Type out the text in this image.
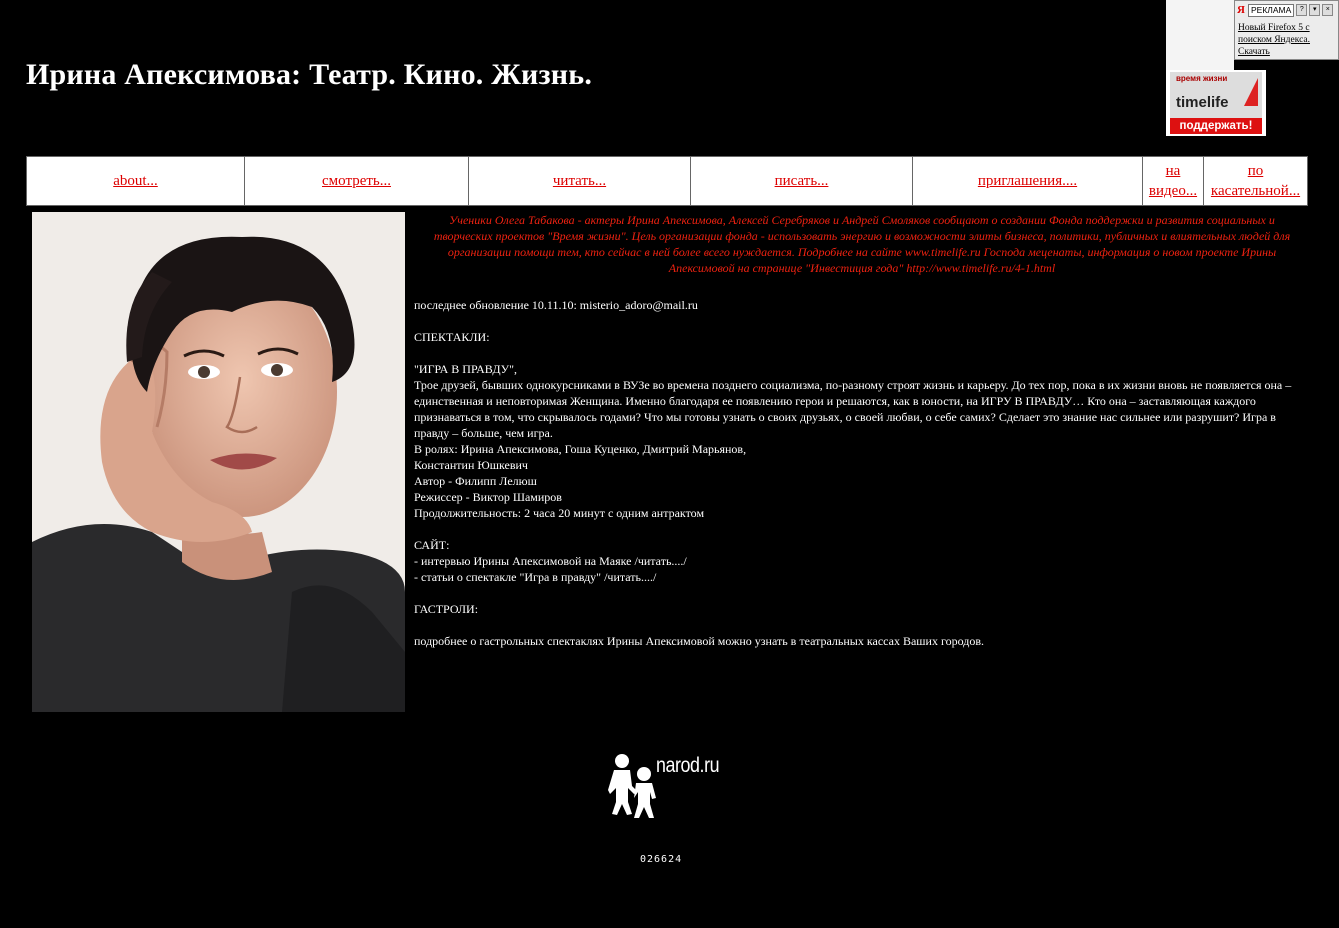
Ирина Апексимова: Театр. Кино. Жизнь.
Я РЕКЛАМА	?	▾	×
Новый Firefox 5 с
поиском Яндекса.
Скачать
время жизни
timelife
поддержать!
about...	смотреть...	читать...	писать...	приглашения....
на видео...
по касательной...

Ученики Олега Табакова - актеры Ирина Апексимова, Алексей Серебряков и Андрей Смоляков сообщают о создании Фонда поддержки и развития социальных и творческих проектов "Время жизни". Цель организации фонда - использовать энергию и возможности элиты бизнеса, политики, публичных и влиятельных людей для организации помощи тем, кто сейчас в ней более всего нуждается. Подробнее на сайте www.timelife.ru Господа меценаты, информация о новом проекте Ирины Апексимовой на странице "Инвестиция года" http://www.timelife.ru/4-1.html

последнее обновление 10.11.10: misterio_adoro@mail.ru

СПЕКТАКЛИ:

"ИГРА В ПРАВДУ",

Трое друзей, бывших однокурсниками в ВУЗе во времена позднего социализма, по-разному строят жизнь и карьеру. До тех пор, пока в их жизни вновь не появляется она – единственная и неповторимая Женщина. Именно благодаря ее появлению герои и решаются, как в юности, на ИГРУ В ПРАВДУ… Кто она – заставляющая каждого признаваться в том, что скрывалось годами? Что мы готовы узнать о своих друзьях, о своей любви, о себе самих? Сделает это знание нас сильнее или разрушит? Игра в правду – больше, чем игра.

В ролях: Ирина Апексимова, Гоша Куценко, Дмитрий Марьянов,

Константин Юшкевич

Автор - Филипп Лелюш

Режиссер - Виктор Шамиров

Продолжительность: 2 часа 20 минут с одним антрактом

САЙТ:

- интервью Ирины Апексимовой на Маяке /читать..../

- статьи о спектакле "Игра в правду" /читать..../

ГАСТРОЛИ:

подробнее о гастрольных спектаклях Ирины Апексимовой можно узнать в театральных кассах Ваших городов.

narod.ru
026624
